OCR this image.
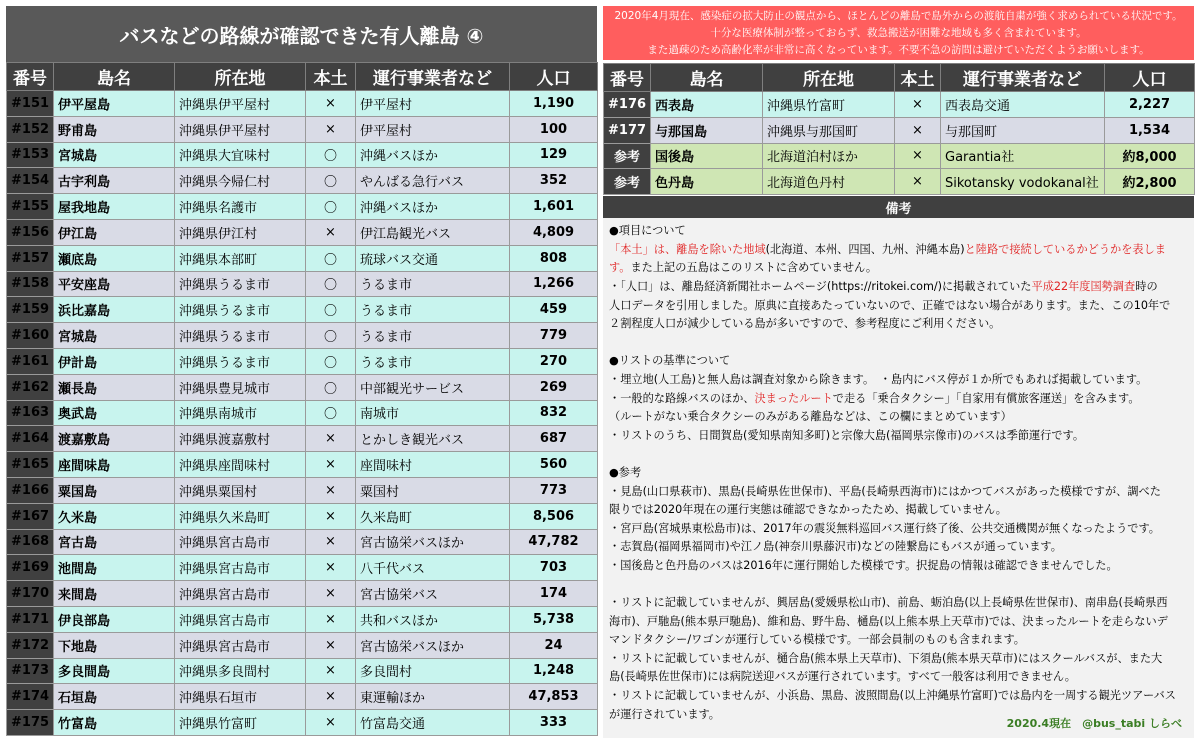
バスなどの路線が確認できた有人離島 ④
番号	島名	所在地	本土	運行事業者など	人口
#151	伊平屋島	沖縄県伊平屋村	×	伊平屋村	1,190
#152	野甫島	沖縄県伊平屋村	×	伊平屋村	100
#153	宮城島	沖縄県大宜味村	〇	沖縄バスほか	129
#154	古宇利島	沖縄県今帰仁村	〇	やんばる急行バス	352
#155	屋我地島	沖縄県名護市	〇	沖縄バスほか	1,601
#156	伊江島	沖縄県伊江村	×	伊江島観光バス	4,809
#157	瀬底島	沖縄県本部町	〇	琉球バス交通	808
#158	平安座島	沖縄県うるま市	〇	うるま市	1,266
#159	浜比嘉島	沖縄県うるま市	〇	うるま市	459
#160	宮城島	沖縄県うるま市	〇	うるま市	779
#161	伊計島	沖縄県うるま市	〇	うるま市	270
#162	瀬長島	沖縄県豊見城市	〇	中部観光サービス	269
#163	奥武島	沖縄県南城市	〇	南城市	832
#164	渡嘉敷島	沖縄県渡嘉敷村	×	とかしき観光バス	687
#165	座間味島	沖縄県座間味村	×	座間味村	560
#166	粟国島	沖縄県粟国村	×	粟国村	773
#167	久米島	沖縄県久米島町	×	久米島町	8,506
#168	宮古島	沖縄県宮古島市	×	宮古協栄バスほか	47,782
#169	池間島	沖縄県宮古島市	×	八千代バス	703
#170	来間島	沖縄県宮古島市	×	宮古協栄バス	174
#171	伊良部島	沖縄県宮古島市	×	共和バスほか	5,738
#172	下地島	沖縄県宮古島市	×	宮古協栄バスほか	24
#173	多良間島	沖縄県多良間村	×	多良間村	1,248
#174	石垣島	沖縄県石垣市	×	東運輸ほか	47,853
#175	竹富島	沖縄県竹富町	×	竹富島交通	333
2020年4月現在、感染症の拡大防止の観点から、ほとんどの離島で島外からの渡航自粛が強く求められている状況です。
十分な医療体制が整っておらず、救急搬送が困難な地域も多く含まれています。
また過疎のため高齢化率が非常に高くなっています。不要不急の訪問は避けていただくようお願いします。
番号	島名	所在地	本土	運行事業者など	人口
#176	西表島	沖縄県竹富町	×	西表島交通	2,227
#177	与那国島	沖縄県与那国町	×	与那国町	1,534
参考	国後島	北海道泊村ほか	×	Garantia社	約8,000
参考	色丹島	北海道色丹村	×	Sikotansky vodokanal社	約2,800
備考

●項目について

「本土」は、離島を除いた地域(北海道、本州、四国、九州、沖縄本島)と陸路で接続しているかどうかを表しま

す。また上記の五島はこのリストに含めていません。

・「人口」は、離島経済新聞社ホームページ(https://ritokei.com/)に掲載されていた平成22年度国勢調査時の

人口データを引用しました。原典に直接あたっていないので、正確ではない場合があります。また、この10年で

２割程度人口が減少している島が多いですので、参考程度にご利用ください。

●リストの基準について

・埋立地(人工島)と無人島は調査対象から除きます。　・島内にバス停が１か所でもあれば掲載しています。

・一般的な路線バスのほか、決まったルートで走る「乗合タクシー」「自家用有償旅客運送」を含みます。

（ルートがない乗合タクシーのみがある離島などは、この欄にまとめています）

・リストのうち、日間賀島(愛知県南知多町)と宗像大島(福岡県宗像市)のバスは季節運行です。

●参考

・見島(山口県萩市)、黒島(長崎県佐世保市)、平島(長崎県西海市)にはかつてバスがあった模様ですが、調べた

限りでは2020年現在の運行実態は確認できなかったため、掲載していません。

・宮戸島(宮城県東松島市)は、2017年の震災無料巡回バス運行終了後、公共交通機関が無くなったようです。

・志賀島(福岡県福岡市)や江ノ島(神奈川県藤沢市)などの陸繋島にもバスが通っています。

・国後島と色丹島のバスは2016年に運行開始した模様です。択捉島の情報は確認できませんでした。

・リストに記載していませんが、興居島(愛媛県松山市)、前島、蛎泊島(以上長崎県佐世保市)、南串島(長崎県西

海市)、戸馳島(熊本県戸馳島)、維和島、野牛島、樋島(以上熊本県上天草市)では、決まったルートを走らないデ

マンドタクシー/ワゴンが運行している模様です。一部会員制のものも含まれます。

・リストに記載していませんが、樋合島(熊本県上天草市)、下須島(熊本県天草市)にはスクールバスが、また大

島(長崎県佐世保市)には病院送迎バスが運行されています。すべて一般客は利用できません。

・リストに記載していませんが、小浜島、黒島、波照間島(以上沖縄県竹富町)では島内を一周する観光ツアーバス

が運行されています。

2020.4現在　@bus_tabi しらべ
